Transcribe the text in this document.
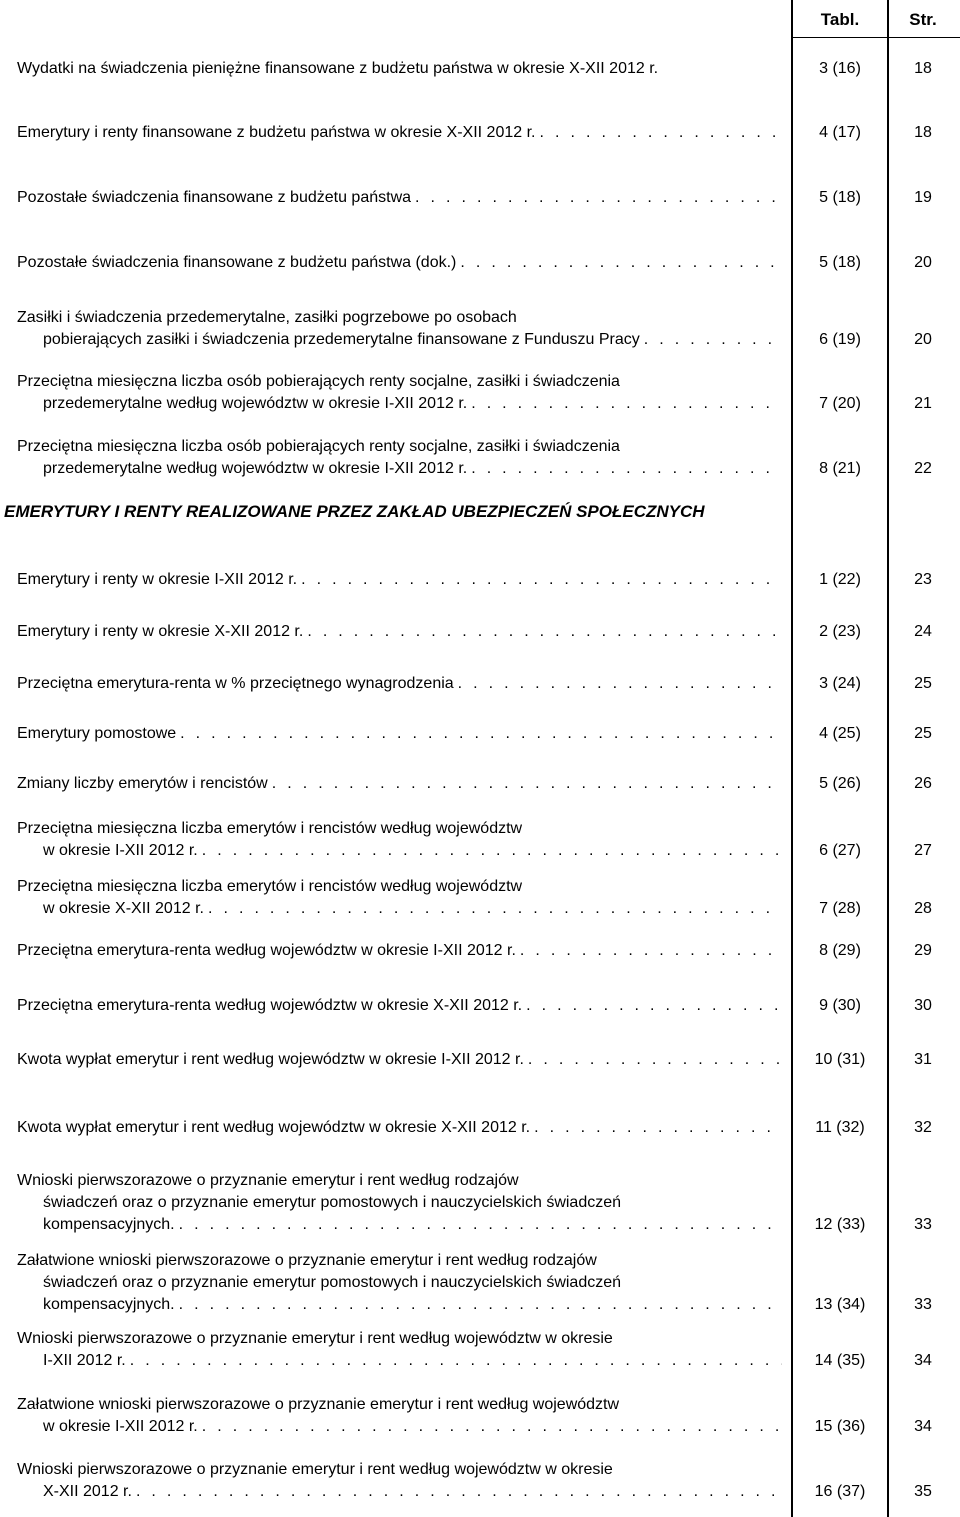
Tabl.	Str.
EMERYTURY I RENTY REALIZOWANE PRZEZ ZAKŁAD UBEZPIECZEŃ SPOŁECZNYCH
Wydatki na świadczenia pieniężne finansowane z budżetu państwa w okresie X-XII 2012 r.	3 (16)	18
Emerytury i renty finansowane z budżetu państwa w okresie X-XII 2012 r.	4 (17)	18
. . .
Pozostałe świadczenia finansowane z budżetu państwa	5 (18)	19
. . .
Pozostałe świadczenia finansowane z budżetu państwa (dok.)	5 (18)	20
. . .
Zasiłki i świadczenia przedemerytalne, zasiłki pogrzebowe po osobach
pobierających zasiłki i świadczenia przedemerytalne finansowane z Funduszu Pracy	6 (19)	20
. . .
Przeciętna miesięczna liczba osób pobierających renty socjalne, zasiłki i świadczenia
przedemerytalne według województw w okresie I-XII 2012 r.	7 (20)	21
. . .
Przeciętna miesięczna liczba osób pobierających renty socjalne, zasiłki i świadczenia
przedemerytalne według województw w okresie I-XII 2012 r.	8 (21)	22
. . .
Emerytury i renty w okresie I-XII 2012 r.	1 (22)	23
. . .
Emerytury i renty w okresie X-XII 2012 r.	2 (23)	24
. . .
Przeciętna emerytura-renta w % przeciętnego wynagrodzenia	3 (24)	25
. . .
Emerytury pomostowe	4 (25)	25
. . .
Zmiany liczby emerytów i rencistów	5 (26)	26
. . .
Przeciętna miesięczna liczba emerytów i rencistów według województw
w okresie I-XII 2012 r.	6 (27)	27
. . .
Przeciętna miesięczna liczba emerytów i rencistów według województw
w okresie X-XII 2012 r.	7 (28)	28
. . .
Przeciętna emerytura-renta według województw w okresie I-XII 2012 r.	8 (29)	29
. . .
Przeciętna emerytura-renta według województw w okresie X-XII 2012 r.	9 (30)	30
. . .
Kwota wypłat emerytur i rent według województw w okresie I-XII 2012 r.	10 (31)	31
. . .
Kwota wypłat emerytur i rent według województw w okresie X-XII 2012 r.	11 (32)	32
. . .
Wnioski pierwszorazowe o przyznanie emerytur i rent według rodzajów
świadczeń oraz o przyznanie emerytur pomostowych i nauczycielskich świadczeń
kompensacyjnych.	12 (33)	33
. . .
Załatwione wnioski pierwszorazowe o przyznanie emerytur i rent według rodzajów
świadczeń oraz o przyznanie emerytur pomostowych i nauczycielskich świadczeń
kompensacyjnych.	13 (34)	33
. . .
Wnioski pierwszorazowe o przyznanie emerytur i rent według województw w okresie
I-XII 2012 r.	14 (35)	34
. . .
Załatwione wnioski pierwszorazowe o przyznanie emerytur i rent według województw
w okresie I-XII 2012 r.	15 (36)	34
. . .
Wnioski pierwszorazowe o przyznanie emerytur i rent według województw w okresie
X-XII 2012 r.	16 (37)	35
. . .
